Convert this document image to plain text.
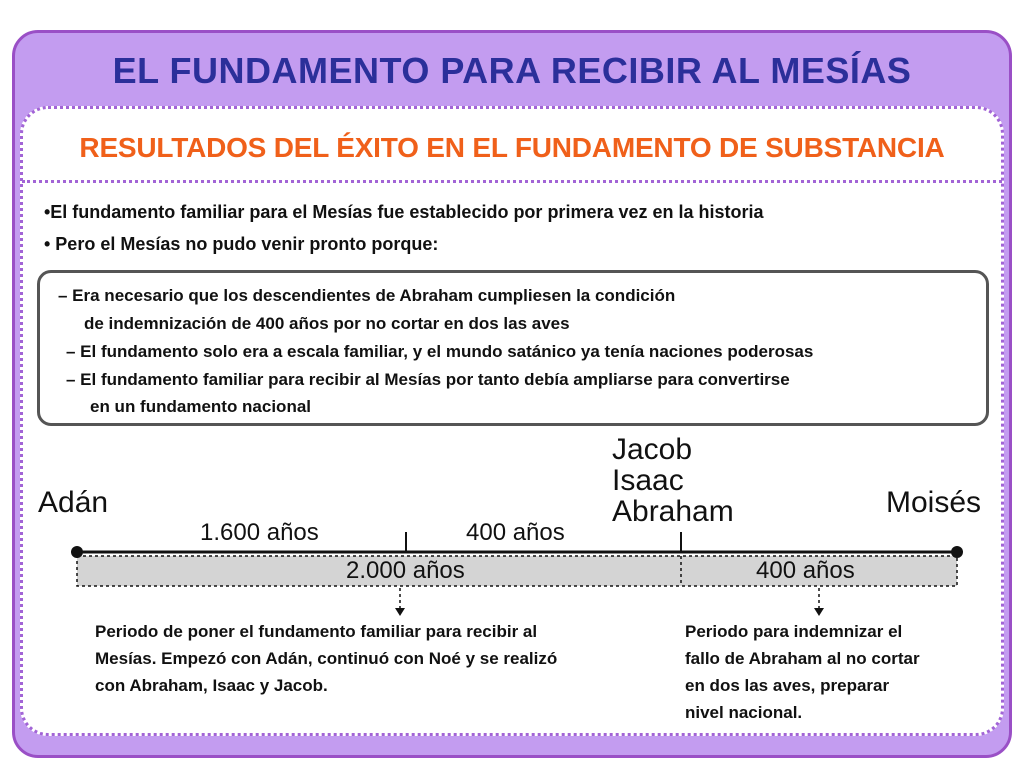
EL FUNDAMENTO PARA RECIBIR AL MESÍAS
RESULTADOS DEL ÉXITO EN EL FUNDAMENTO DE SUBSTANCIA
•El fundamento familiar para el Mesías fue establecido por primera vez en la historia
• Pero el Mesías no pudo venir pronto porque:
– Era necesario que los descendientes de Abraham cumpliesen la condición
de indemnización de 400 años por no cortar en dos las aves
– El fundamento solo era a escala familiar, y el mundo satánico ya tenía naciones poderosas
– El fundamento familiar para recibir al Mesías por tanto debía ampliarse para convertirse
en un fundamento nacional
Adán	Moisés
Jacob
Isaac
Abraham
1.600 años	400 años
2.000 años	400 años
Periodo de poner el fundamento familiar para recibir al
Mesías. Empezó con Adán, continuó con Noé y se realizó
con Abraham, Isaac y Jacob.
Periodo para indemnizar el
fallo de Abraham al no cortar
en dos las aves, preparar
nivel nacional.
